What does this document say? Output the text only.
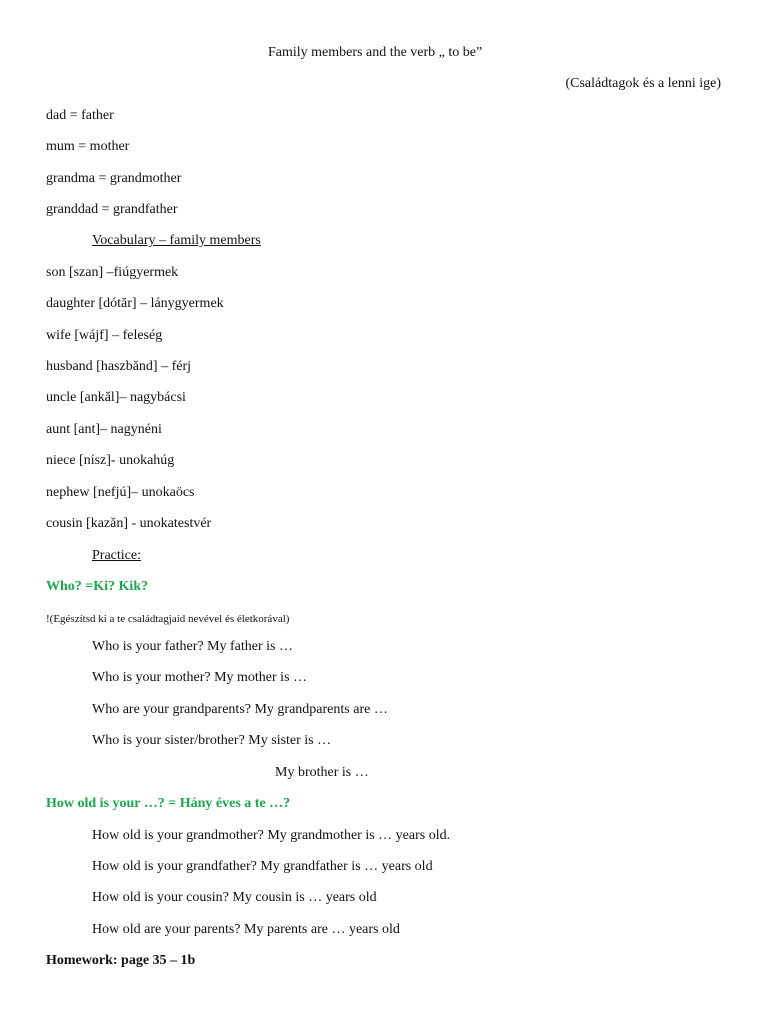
Family members and the verb „ to be”
(Családtagok és a lenni ige)
dad = father
mum = mother
grandma = grandmother
granddad = grandfather
Vocabulary – family members
son [szan] –fiúgyermek
daughter [dótăr] – lánygyermek
wife [wájf] – feleség
husband [haszbănd] – férj
uncle [ankăl]– nagybácsi
aunt [ant]– nagynéni
niece [nísz]- unokahúg
nephew [nefjú]– unokaöcs
cousin [kazăn] - unokatestvér
Practice:
Who? =Ki? Kik?
!(Egészítsd ki a te családtagjaid nevével és életkorával)
Who is your father? My father is …
Who is your mother? My mother is …
Who are your grandparents? My grandparents are …
Who is your sister/brother? My sister is …
My brother is …
How old is your …? = Hány éves a te …?
How old is your grandmother? My grandmother is … years old.
How old is your grandfather? My grandfather is … years old
How old is your cousin? My cousin is … years old
How old are your parents? My parents are … years old
Homework: page 35 – 1b
